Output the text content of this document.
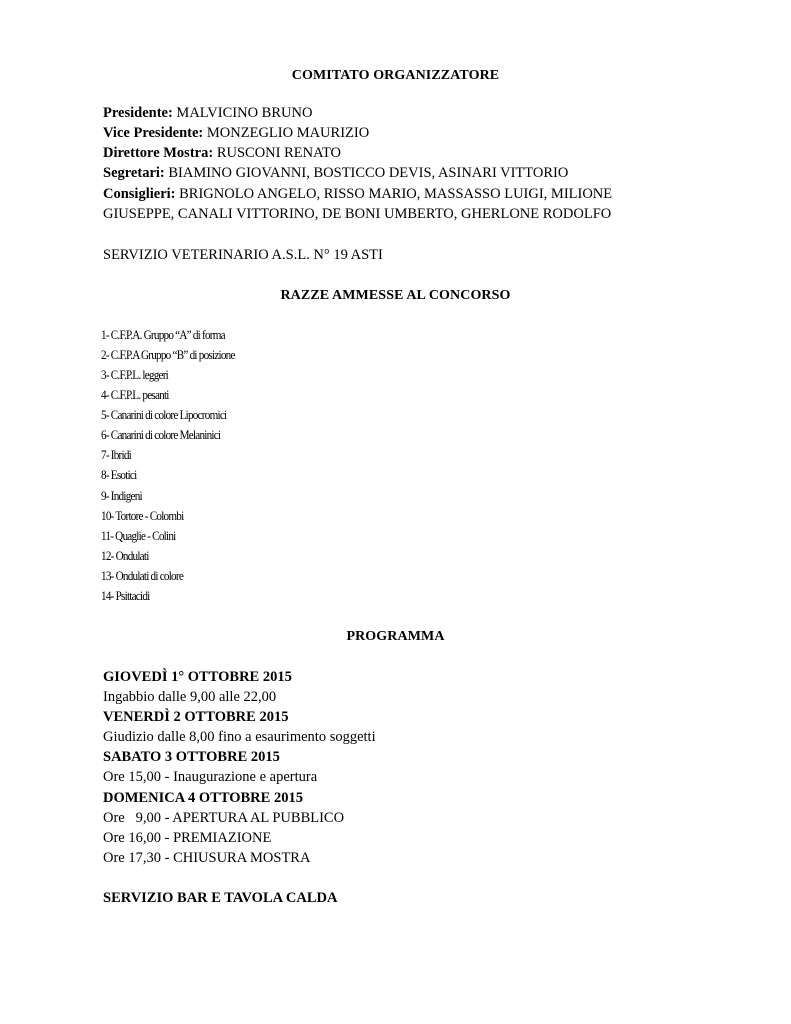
COMITATO ORGANIZZATORE
Presidente: MALVICINO BRUNO
Vice Presidente: MONZEGLIO MAURIZIO
Direttore Mostra: RUSCONI RENATO
Segretari: BIAMINO GIOVANNI, BOSTICCO DEVIS, ASINARI VITTORIO
Consiglieri: BRIGNOLO ANGELO, RISSO MARIO, MASSASSO LUIGI, MILIONE
GIUSEPPE, CANALI VITTORINO, DE BONI UMBERTO, GHERLONE RODOLFO
SERVIZIO VETERINARIO A.S.L. N° 19 ASTI
RAZZE AMMESSE AL CONCORSO
1- C.F.P.A. Gruppo “A” di forma
2- C.F.P.A Gruppo “B” di posizione
3- C.F.P.L. leggeri
4- C.F.P.L. pesanti
5- Canarini di colore Lipocromici
6- Canarini di colore Melaninici
7- Ibridi
8- Esotici
9- Indigeni
10- Tortore - Colombi
11- Quaglie - Colini
12- Ondulati
13- Ondulati di colore
14- Psittacidi
PROGRAMMA
GIOVEDÌ 1° OTTOBRE 2015
Ingabbio dalle 9,00 alle 22,00
VENERDÌ 2 OTTOBRE 2015
Giudizio dalle 8,00 fino a esaurimento soggetti
SABATO 3 OTTOBRE 2015
Ore 15,00 - Inaugurazione e apertura
DOMENICA 4 OTTOBRE 2015
Ore   9,00 - APERTURA AL PUBBLICO
Ore 16,00 - PREMIAZIONE
Ore 17,30 - CHIUSURA MOSTRA
SERVIZIO BAR E TAVOLA CALDA
